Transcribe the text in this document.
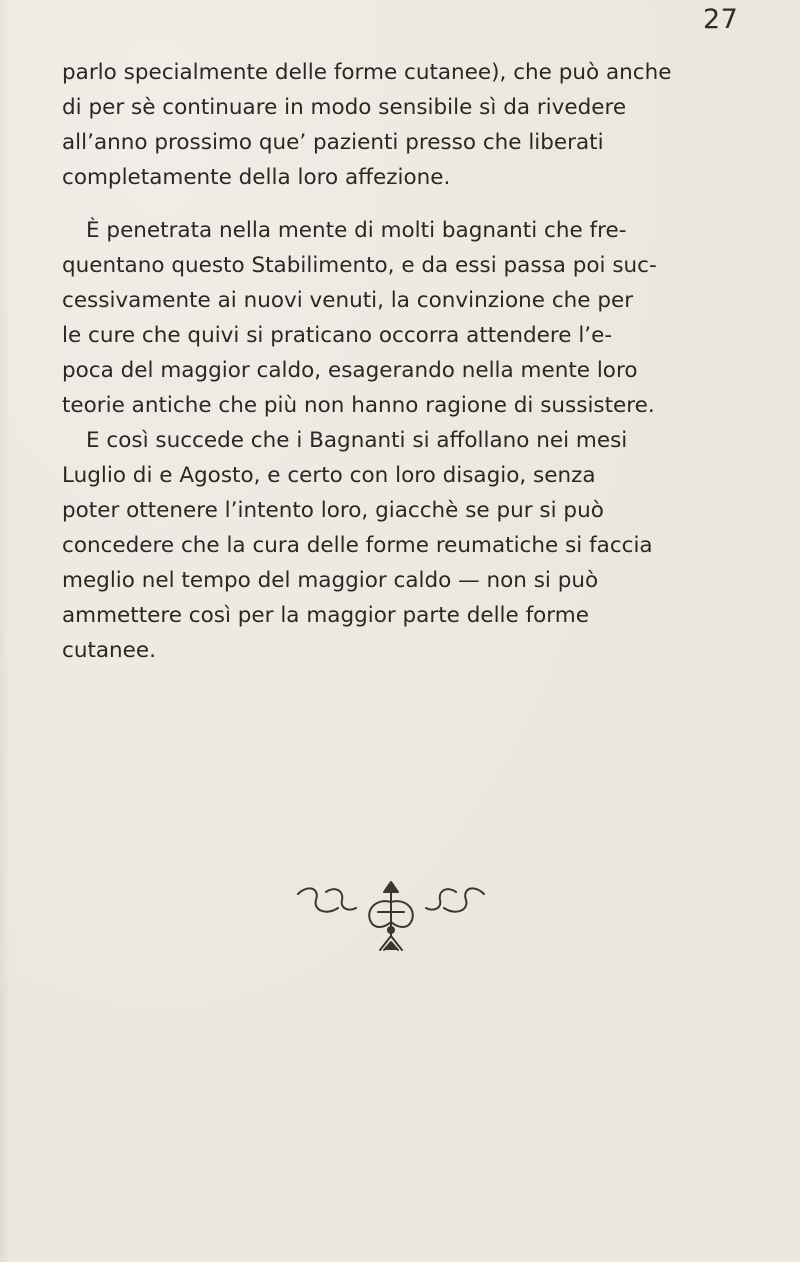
27
parlo specialmente delle forme cutanee), che può anche
di per sè continuare in modo sensibile sì da rivedere
all’anno prossimo que’ pazienti presso che liberati
completamente della loro affezione.
È penetrata nella mente di molti bagnanti che fre-
quentano questo Stabilimento, e da essi passa poi suc-
cessivamente ai nuovi venuti, la convinzione che per
le cure che quivi si praticano occorra attendere l’e-
poca del maggior caldo, esagerando nella mente loro
teorie antiche che più non hanno ragione di sussistere.
E così succede che i Bagnanti si affollano nei mesi
Luglio di e Agosto, e certo con loro disagio, senza
poter ottenere l’intento loro, giacchè se pur si può
concedere che la cura delle forme reumatiche si faccia
meglio nel tempo del maggior caldo — non si può
ammettere così per la maggior parte delle forme
cutanee.
